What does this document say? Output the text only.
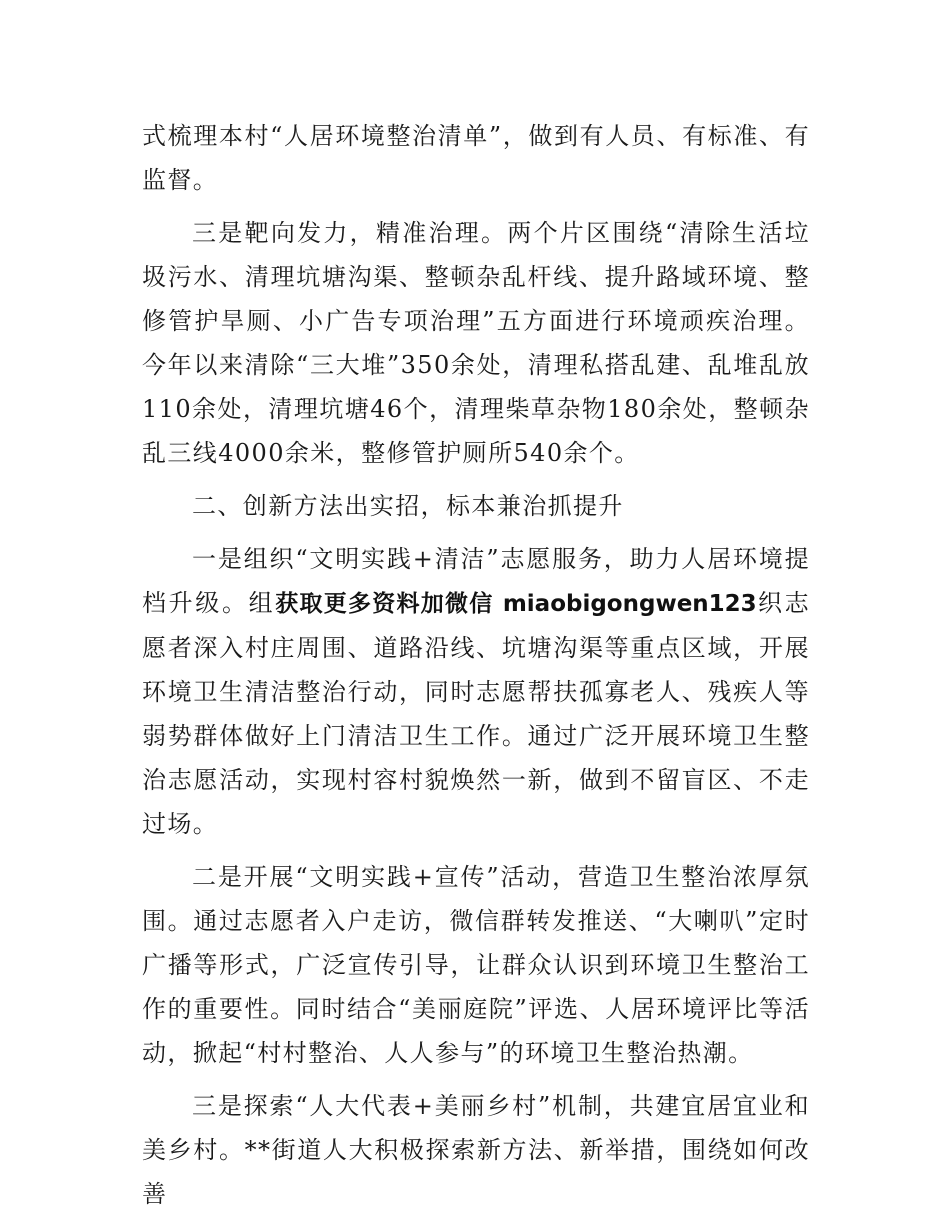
式梳理本村“人居环境整治清单”，做到有人员、有标准、有监督。

三是靶向发力，精准治理。两个片区围绕“清除生活垃圾污水、清理坑塘沟渠、整顿杂乱杆线、提升路域环境、整修管护旱厕、小广告专项治理”五方面进行环境顽疾治理。今年以来清除“三大堆”350余处，清理私搭乱建、乱堆乱放110余处，清理坑塘46个，清理柴草杂物180余处，整顿杂乱三线4000余米，整修管护厕所540余个。

二、创新方法出实招，标本兼治抓提升

一是组织“文明实践+清洁”志愿服务，助力人居环境提档升级。组获取更多资料加微信 miaobigongwen123织志愿者深入村庄周围、道路沿线、坑塘沟渠等重点区域，开展环境卫生清洁整治行动，同时志愿帮扶孤寡老人、残疾人等弱势群体做好上门清洁卫生工作。通过广泛开展环境卫生整治志愿活动，实现村容村貌焕然一新，做到不留盲区、不走过场。

二是开展“文明实践+宣传”活动，营造卫生整治浓厚氛围。通过志愿者入户走访，微信群转发推送、“大喇叭”定时广播等形式，广泛宣传引导，让群众认识到环境卫生整治工作的重要性。同时结合“美丽庭院”评选、人居环境评比等活动，掀起“村村整治、人人参与”的环境卫生整治热潮。

三是探索“人大代表+美丽乡村”机制，共建宜居宜业和美乡村。**街道人大积极探索新方法、新举措，围绕如何改善
